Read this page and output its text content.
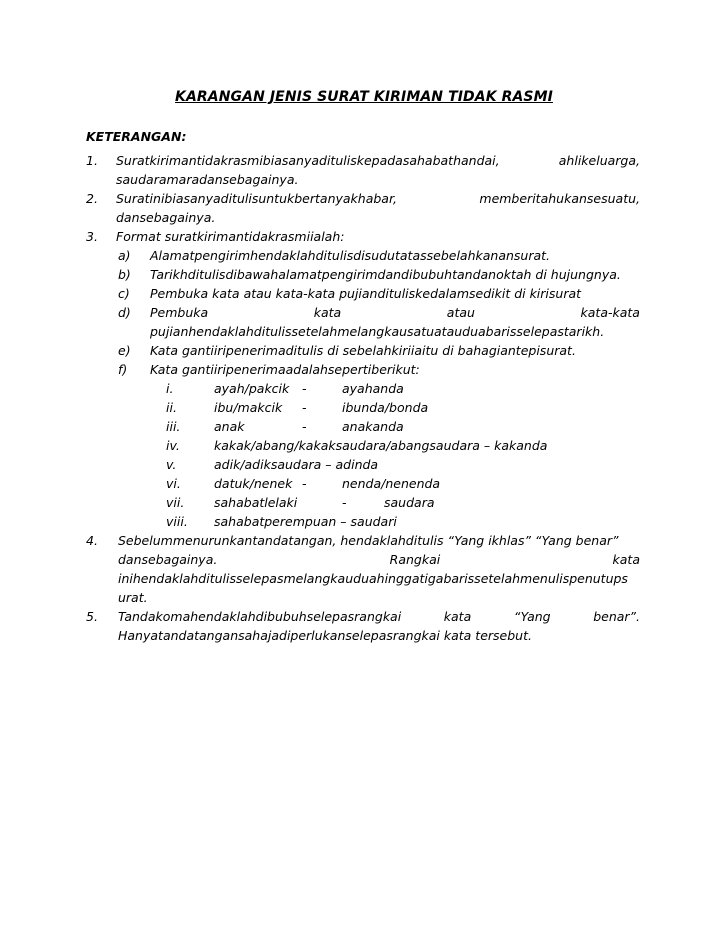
KARANGAN JENIS SURAT KIRIMAN TIDAK RASMI
KETERANGAN:
1. Suratkirimantidakrasmibiasanyadituliskepadasahabathandai,	ahlikeluarga,
saudaramaradansebagainya.
2. Suratinibiasanyaditulisuntukbertanyakhabar,	memberitahukansesuatu,
dansebagainya.
3. Format suratkirimantidakrasmiialah:
a) Alamatpengirimhendaklahditulisdisudutatassebelahkanansurat.
b) Tarikhditulisdibawahalamatpengirimdandibubuhtandanoktah di hujungnya.
c) Pembuka kata atau kata-kata pujiandituliskedalamsedikit di kirisurat
d) Pembuka	kata	atau	kata-kata
pujianhendaklahditulissetelahmelangkausatuatauduabarisselepastarikh.
e) Kata gantiiripenerimaditulis di sebelahkiriiaitu di bahagiantepisurat.
f) Kata gantiiripenerimaadalahsepertiberikut:
i.	ayah/pakcik -	ayahanda
ii.	ibu/makcik -	ibunda/bonda
iii.	anak	-	anakanda
iv.	kakak/abang/kakaksaudara/abangsaudara – kakanda
v.	adik/adiksaudara – adinda
vi.	datuk/nenek -	nenda/nenenda
vii. sahabatlelaki	-	saudara
viii. sahabatperempuan – saudari
4. Sebelummenurunkantandatangan, hendaklahditulis “Yang ikhlas” “Yang benar”
dansebagainya.	Rangkai	kata
inihendaklahditulisselepasmelangkauduahinggatigabarissetelahmenulispenutups
urat.
5. Tandakomahendaklahdibubuhselepasrangkai	kata	“Yang	benar”.
Hanyatandatangansahajadiperlukanselepasrangkai kata tersebut.
